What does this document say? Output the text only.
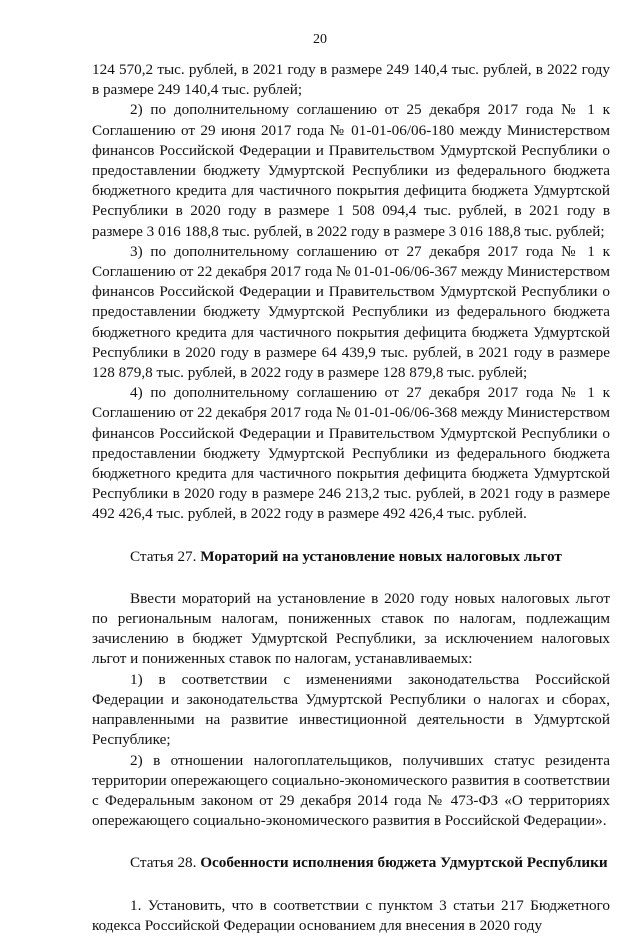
20

124 570,2 тыс. рублей, в 2021 году в размере 249 140,4 тыс. рублей, в 2022 году в размере 249 140,4 тыс. рублей;

2) по дополнительному соглашению от 25 декабря 2017 года № 1 к Соглашению от 29 июня 2017 года № 01-01-06/06-180 между Министерством финансов Российской Федерации и Правительством Удмуртской Республики о предоставлении бюджету Удмуртской Республики из федерального бюджета бюджетного кредита для частичного покрытия дефицита бюджета Удмуртской Республики в 2020 году в размере 1 508 094,4 тыс. рублей, в 2021 году в размере 3 016 188,8 тыс. рублей, в 2022 году в размере 3 016 188,8 тыс. рублей;

3) по дополнительному соглашению от 27 декабря 2017 года № 1 к Соглашению от 22 декабря 2017 года № 01-01-06/06-367 между Министерством финансов Российской Федерации и Правительством Удмуртской Республики о предоставлении бюджету Удмуртской Республики из федерального бюджета бюджетного кредита для частичного покрытия дефицита бюджета Удмуртской Республики в 2020 году в размере 64 439,9 тыс. рублей, в 2021 году в размере 128 879,8 тыс. рублей, в 2022 году в размере 128 879,8 тыс. рублей;

4) по дополнительному соглашению от 27 декабря 2017 года № 1 к Соглашению от 22 декабря 2017 года № 01-01-06/06-368 между Министерством финансов Российской Федерации и Правительством Удмуртской Республики о предоставлении бюджету Удмуртской Республики из федерального бюджета бюджетного кредита для частичного покрытия дефицита бюджета Удмуртской Республики в 2020 году в размере 246 213,2 тыс. рублей, в 2021 году в размере 492 426,4 тыс. рублей, в 2022 году в размере 492 426,4 тыс. рублей.

Статья 27. Мораторий на установление новых налоговых льгот

Ввести мораторий на установление в 2020 году новых налоговых льгот по региональным налогам, пониженных ставок по налогам, подлежащим зачислению в бюджет Удмуртской Республики, за исключением налоговых льгот и пониженных ставок по налогам, устанавливаемых:

1) в соответствии с изменениями законодательства Российской Федерации и законодательства Удмуртской Республики о налогах и сборах, направленными на развитие инвестиционной деятельности в Удмуртской Республике;

2) в отношении налогоплательщиков, получивших статус резидента территории опережающего социально-экономического развития в соответствии с Федеральным законом от 29 декабря 2014 года № 473-ФЗ «О территориях опережающего социально-экономического развития в Российской Федерации».

Статья 28. Особенности исполнения бюджета Удмуртской Республики

1. Установить, что в соответствии с пунктом 3 статьи 217 Бюджетного кодекса Российской Федерации основанием для внесения в 2020 году
